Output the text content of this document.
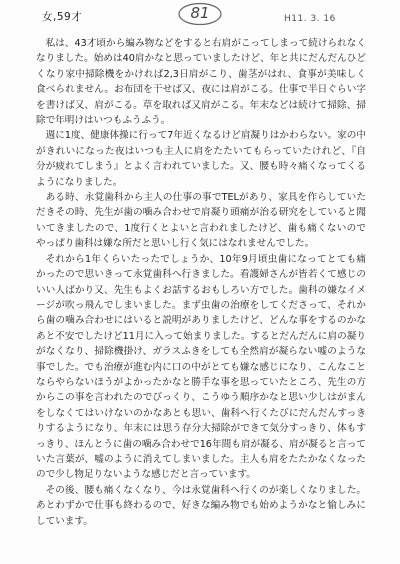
女,59才	81	H11. 3. 16

私は、43才頃から編み物などをすると右肩がこってしまって続けられなくなりました。始めは40肩かなと思っていましたけど、年と共にだんだんひどくなり家中掃除機をかければ2,3日肩がこり、歯茎がはれ、食事が美味しく食べられません。お布団を干せば又、夜には肩がこる。仕事で半日ぐらい字を書けば又、肩がこる。草を取れば又肩がこる。年末などは続けて掃除、掃除で年明けはいつもふうふう。

週に1度、健康体操に行って7年近くなるけど肩凝りはかわらない。家の中がきれいになった夜はいつも主人に肩をたたいてもらっていたけれど、『自分が疲れてしまう』とよく言われていました。又、腰も時々痛くなってくるようになりました。

ある時、永覚歯科から主人の仕事の事でTELがあり、家具を作らしていただきその時、先生が歯の噛み合わせで肩凝り頭痛が治る研究をしていると聞いてきましたので、1度行くとよいと言われましたけど、歯も痛くないのでやっぱり歯科は嫌な所だと思いし行く気にはなれませんでした。

それから1年くらいたったでしょうか、10年9月頃虫歯になってとても痛かったので思いきって永覚歯科へ行きました。看護婦さんが皆若くて感じのいい人ばかり又、先生もよくお話するおもしろい方でした。歯科の嫌なイメージが吹っ飛んでしまいました。まず虫歯の治療をしてくださって、それから歯の噛み合わせにはいると説明がありましたけど、どんな事をするのかなあと不安でしたけど11月に入って始まりました。するとだんだんに肩の凝りがなくなり、掃除機掛け、ガラスふきをしても全然肩が凝らない嘘のような事でした。でも治療が進む内に口の中がとても嫌な感じになり、こんなことならやらないほうがよかったかなと勝手な事を思っていたところ、先生の方からこの事を言われたのでびっくり、こうゆう順序かなと思い少しはがまんをしなくてはいけないのかなあとも思い、歯科へ行くたびにだんだんすっきりするようになり、年末には思う存分大掃除ができて気分すっきり、体もすっきり、ほんとうに歯の噛み合わせで16年間も肩が凝る、肩が凝ると言っていた言葉が、嘘のように消えてしまいました。主人も肩をたたかなくなったので少し物足りないような感じだと言っています。

その後、腰も痛くなくなり、今は永覚歯科へ行くのが楽しくなりました。あとわずかで仕事も終わるので、好きな編み物でも始めようかなと愉しみにしています。
